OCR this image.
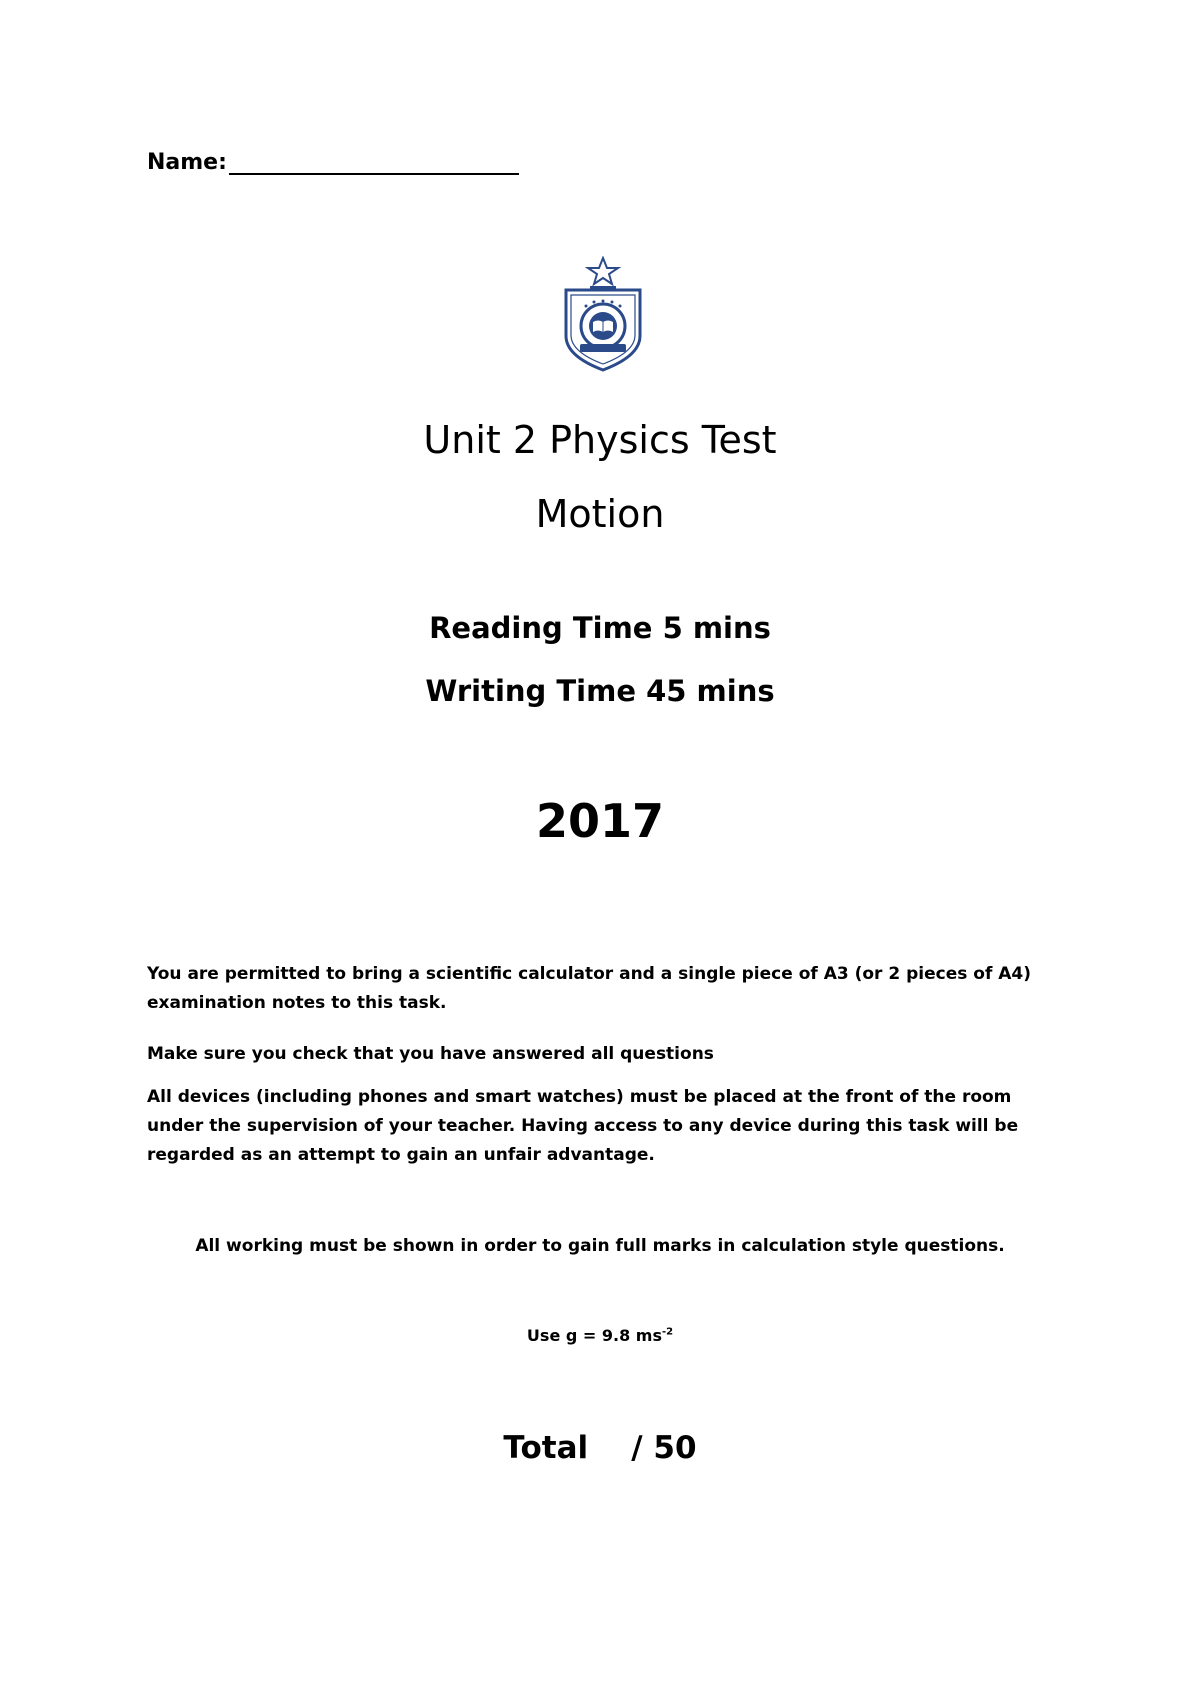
Name:
Unit 2 Physics Test
Motion
Reading Time 5 mins
Writing Time 45 mins
2017
You are permitted to bring a scientific calculator and a single piece of A3 (or 2 pieces of A4) examination notes to this task.
Make sure you check that you have answered all questions
All devices (including phones and smart watches) must be placed at the front of the room under the supervision of your teacher. Having access to any device during this task will be regarded as an attempt to gain an unfair advantage.
All working must be shown in order to gain full marks in calculation style questions.
Use g = 9.8 $ms^{-2}$
Total / 50
